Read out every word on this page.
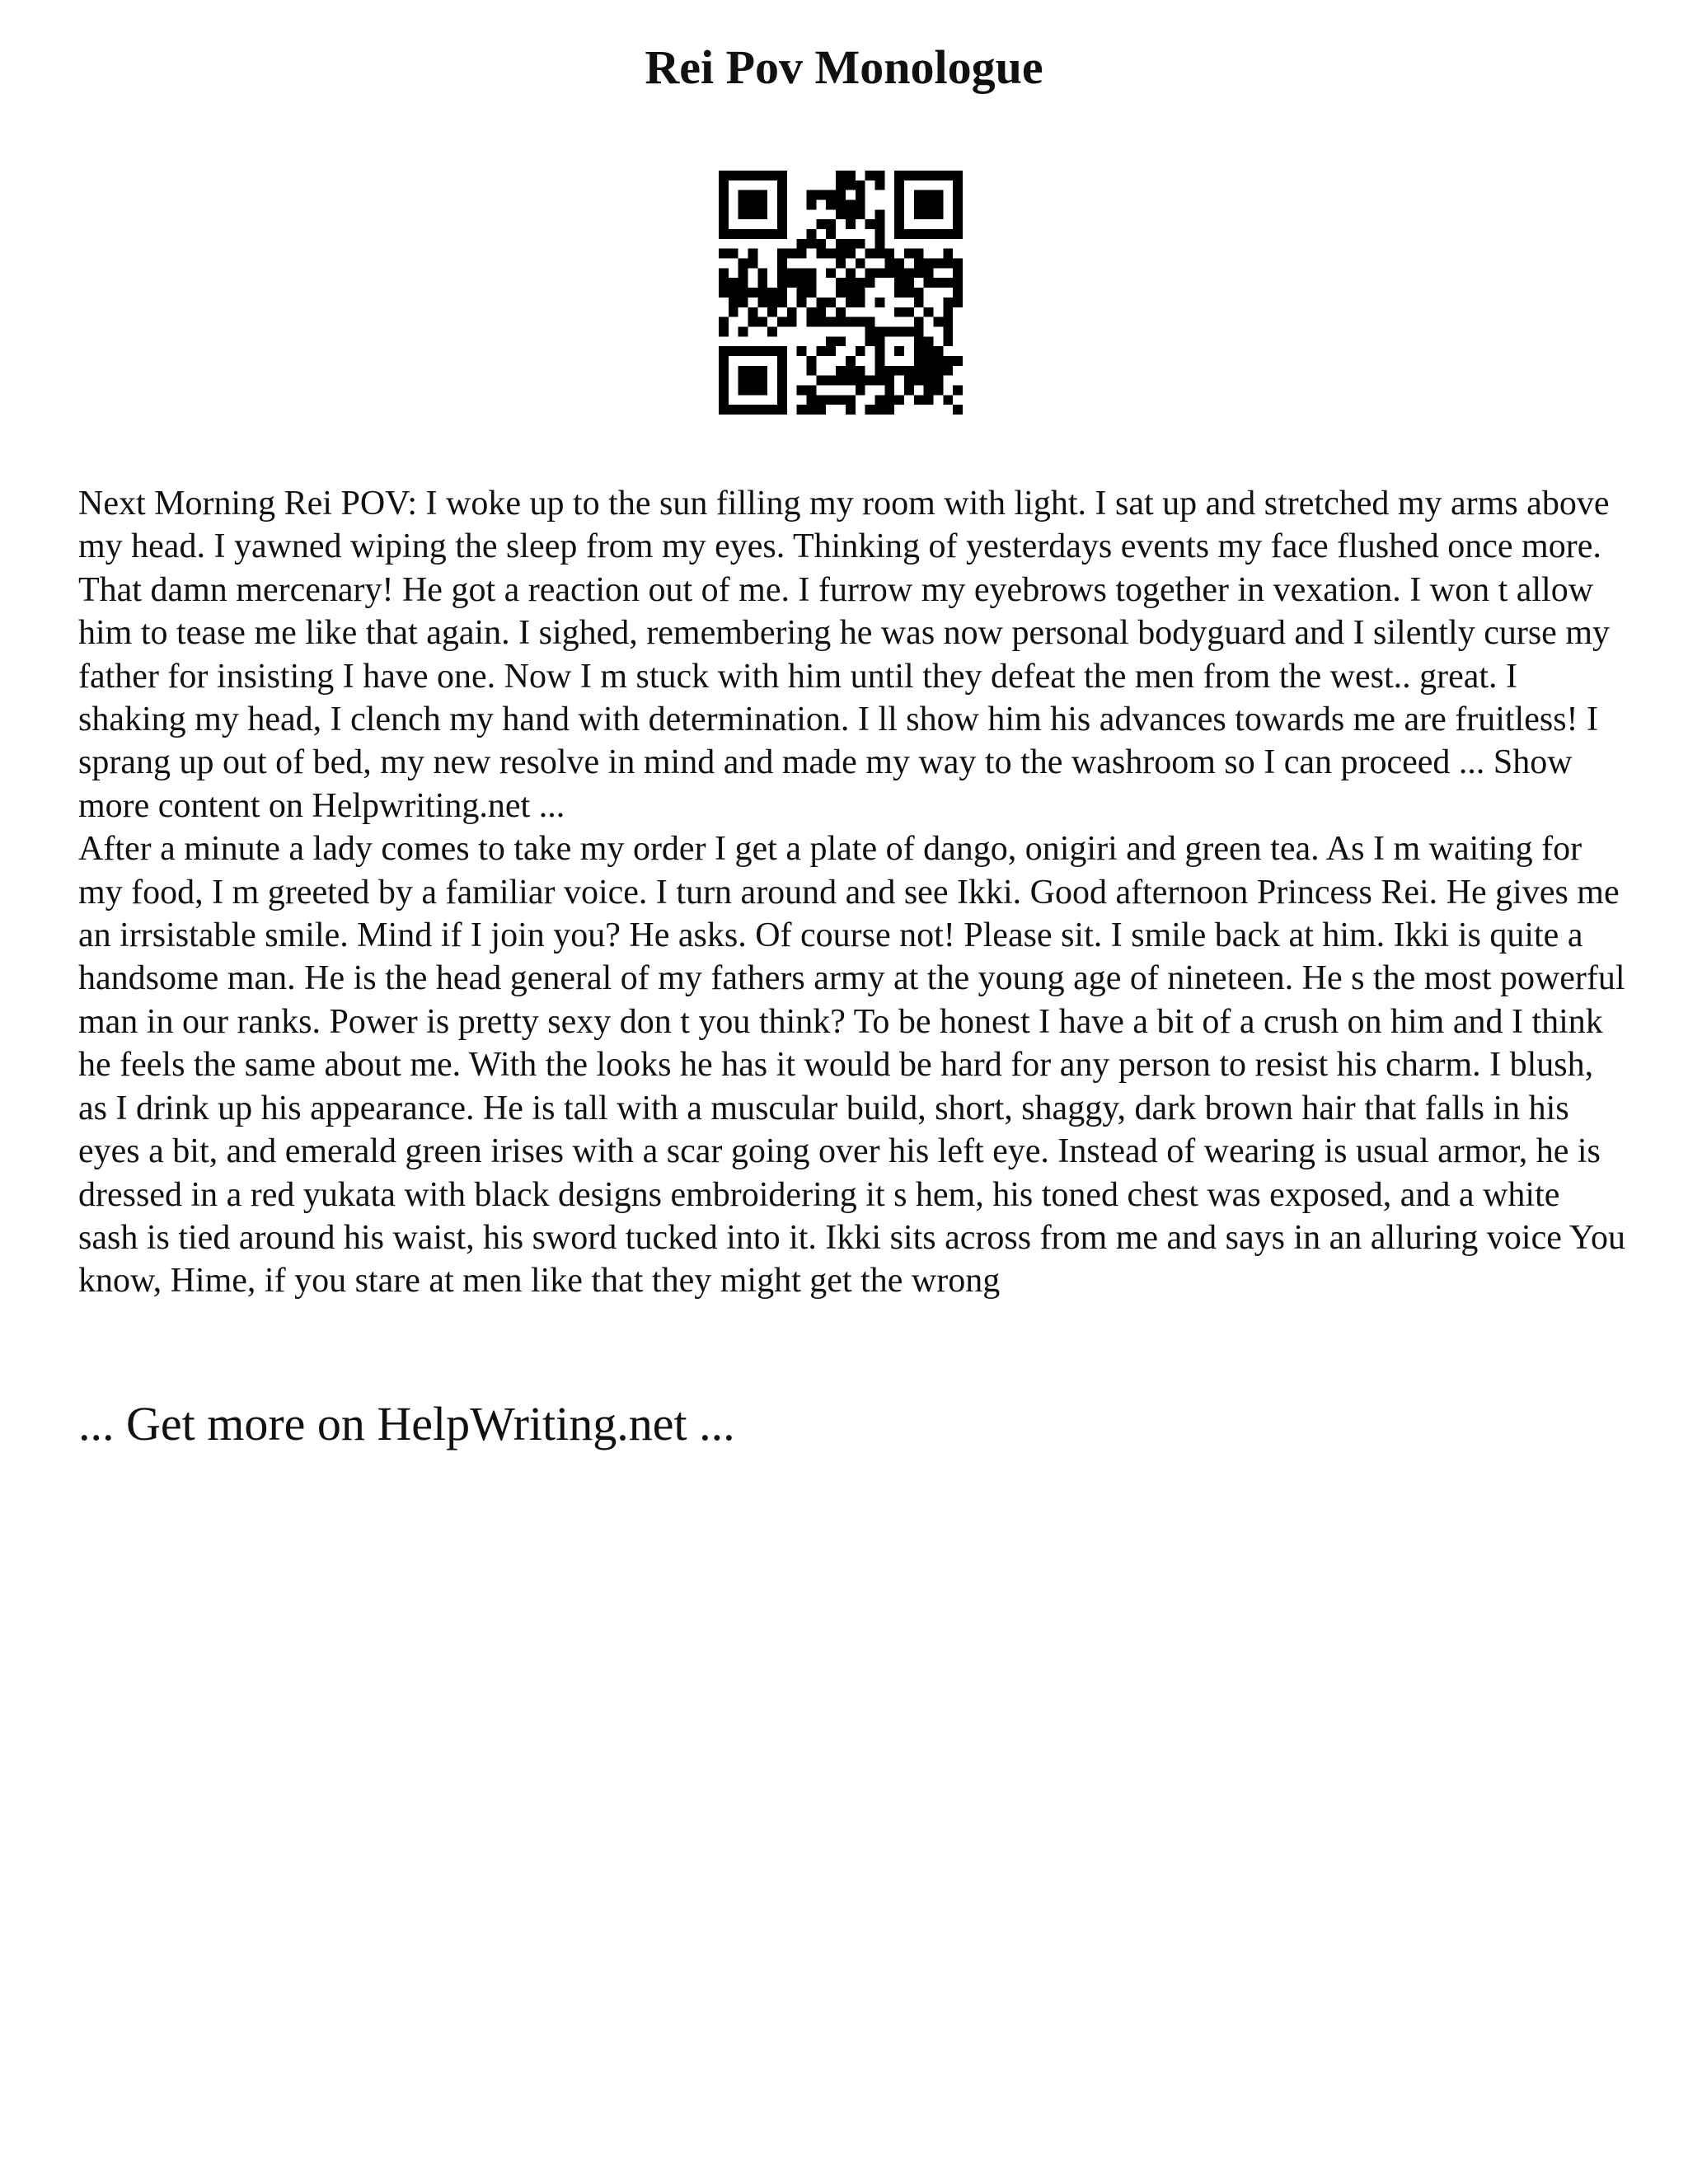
Rei Pov Monologue

Next Morning Rei POV: I woke up to the sun filling my room with light. I sat up and stretched my arms above my head. I yawned wiping the sleep from my eyes. Thinking of yesterdays events my face flushed once more. That damn mercenary! He got a reaction out of me. I furrow my eyebrows together in vexation. I won t allow him to tease me like that again. I sighed, remembering he was now personal bodyguard and I silently curse my father for insisting I have one. Now I m stuck with him until they defeat the men from the west.. great. I shaking my head, I clench my hand with determination. I ll show him his advances towards me are fruitless! I sprang up out of bed, my new resolve in mind and made my way to the washroom so I can proceed ... Show more content on Helpwriting.net ...

After a minute a lady comes to take my order I get a plate of dango, onigiri and green tea. As I m waiting for my food, I m greeted by a familiar voice. I turn around and see Ikki. Good afternoon Princess Rei. He gives me an irrsistable smile. Mind if I join you? He asks. Of course not! Please sit. I smile back at him. Ikki is quite a handsome man. He is the head general of my fathers army at the young age of nineteen. He s the most powerful man in our ranks. Power is pretty sexy don t you think? To be honest I have a bit of a crush on him and I think he feels the same about me. With the looks he has it would be hard for any person to resist his charm. I blush, as I drink up his appearance. He is tall with a muscular build, short, shaggy, dark brown hair that falls in his eyes a bit, and emerald green irises with a scar going over his left eye. Instead of wearing is usual armor, he is dressed in a red yukata with black designs embroidering it s hem, his toned chest was exposed, and a white sash is tied around his waist, his sword tucked into it. Ikki sits across from me and says in an alluring voice You know, Hime, if you stare at men like that they might get the wrong

... Get more on HelpWriting.net ...
